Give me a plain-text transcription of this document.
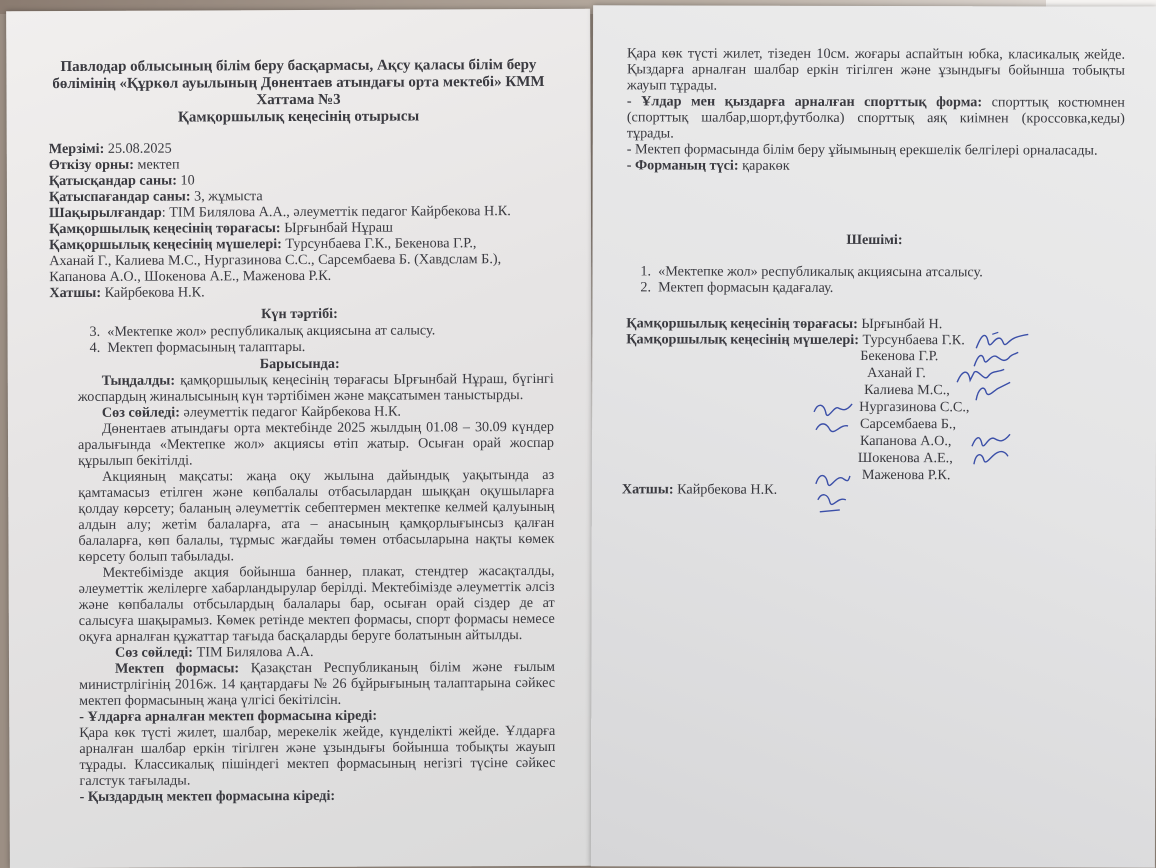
Павлодар облысының білім беру басқармасы, Ақсу қаласы білім беру
бөлімінің «Құркөл ауылының Дөнентаев атындағы орта мектебі» КММ
Хаттама №3
Қамқоршылық кеңесінің отырысы
Мерзімі: 25.08.2025
Өткізу орны: мектеп
Қатысқандар саны: 10
Қатыспағандар саны: 3, жұмыста
Шақырылғандар: ТІМ Билялова А.А., әлеуметтік педагог Кайрбекова Н.К.
Қамқоршылық кеңесінің төрағасы: Ырғынбай Нұраш
Қамқоршылық кеңесінің мүшелері: Турсунбаева Г.К., Бекенова Г.Р.,
Аханай Г., Калиева М.С., Нургазинова С.С., Сарсембаева Б. (Хавдслам Б.),
Капанова А.О., Шокенова А.Е., Маженова Р.К.
Хатшы: Кайрбекова Н.К.
Күн тәртібі:
3. «Мектепке жол» республикалық акциясына ат салысу.
4. Мектеп формасының талаптары.
Барысында:
Тыңдалды: қамқоршылық кеңесінің төрағасы Ырғынбай Нұраш, бүгінгі жоспардың жиналысының күн тәртібімен және мақсатымен таныстырды.
Сөз сөйледі: әлеуметтік педагог Кайрбекова Н.К.
Дөнентаев атындағы орта мектебінде 2025 жылдың 01.08 – 30.09 күндер аралығында «Мектепке жол» акциясы өтіп жатыр. Осыған орай жоспар құрылып бекітілді.
Акцияның мақсаты: жаңа оқу жылына дайындық уақытында аз қамтамасыз етілген және көпбалалы отбасылардан шыққан оқушыларға қолдау көрсету; баланың әлеуметтік себептермен мектепке келмей қалуының алдын алу; жетім балаларға, ата – анасының қамқорлығынсыз қалған балаларға, көп балалы, тұрмыс жағдайы төмен отбасыларына нақты көмек көрсету болып табылады.
Мектебімізде акция бойынша баннер, плакат, стендтер жасақталды, әлеуметтік желілерге хабарландырулар берілді. Мектебімізде әлеуметтік әлсіз және көпбалалы отбсылардың балалары бар, осыған орай сіздер де ат салысуға шақырамыз. Көмек ретінде мектеп формасы, спорт формасы немесе оқуға арналған құжаттар тағыда басқаларды беруге болатынын айтылды.
Сөз сөйледі: ТІМ Билялова А.А.
Мектеп формасы: Қазақстан Республиканың білім және ғылым министрлігінің 2016ж. 14 қаңтардағы № 26 бұйрығының талаптарына сәйкес мектеп формасының жаңа үлгісі бекітілсін.
- Ұлдарға арналған мектеп формасына кіреді:
Қара көк түсті жилет, шалбар, мерекелік жейде, күнделікті жейде. Ұлдарға арналған шалбар еркін тігілген және ұзындығы бойынша тобықты жауып тұрады. Классикалық пішіндегі мектеп формасының негізгі түсіне сәйкес галстук тағылады.
- Қыздардың мектеп формасына кіреді:
Қара көк түсті жилет, тізеден 10см. жоғары аспайтын юбка, класикалық жейде. Қыздарға арналған шалбар еркін тігілген және ұзындығы бойынша тобықты жауып тұрады.
- Ұлдар мен қыздарға арналған спорттық форма: спорттық костюмнен (спорттық шалбар,шорт,футболка) спорттық аяқ киімнен (кроссовка,кеды) тұрады.
- Мектеп формасында білім беру ұйымының ерекшелік белгілері орналасады.
- Форманың түсі: қаракөк
Шешімі:
1. «Мектепке жол» республикалық акциясына атсалысу.
2. Мектеп формасын қадағалау.
Қамқоршылық кеңесінің төрағасы: Ырғынбай Н.
Қамқоршылық кеңесінің мүшелері: Турсунбаева Г.К.
Бекенова Г.Р.
Аханай Г.
Калиева М.С.,
Нургазинова С.С.,
Сарсембаева Б.,
Капанова А.О.,
Шокенова А.Е.,
Маженова Р.К.
Хатшы: Кайрбекова Н.К.
